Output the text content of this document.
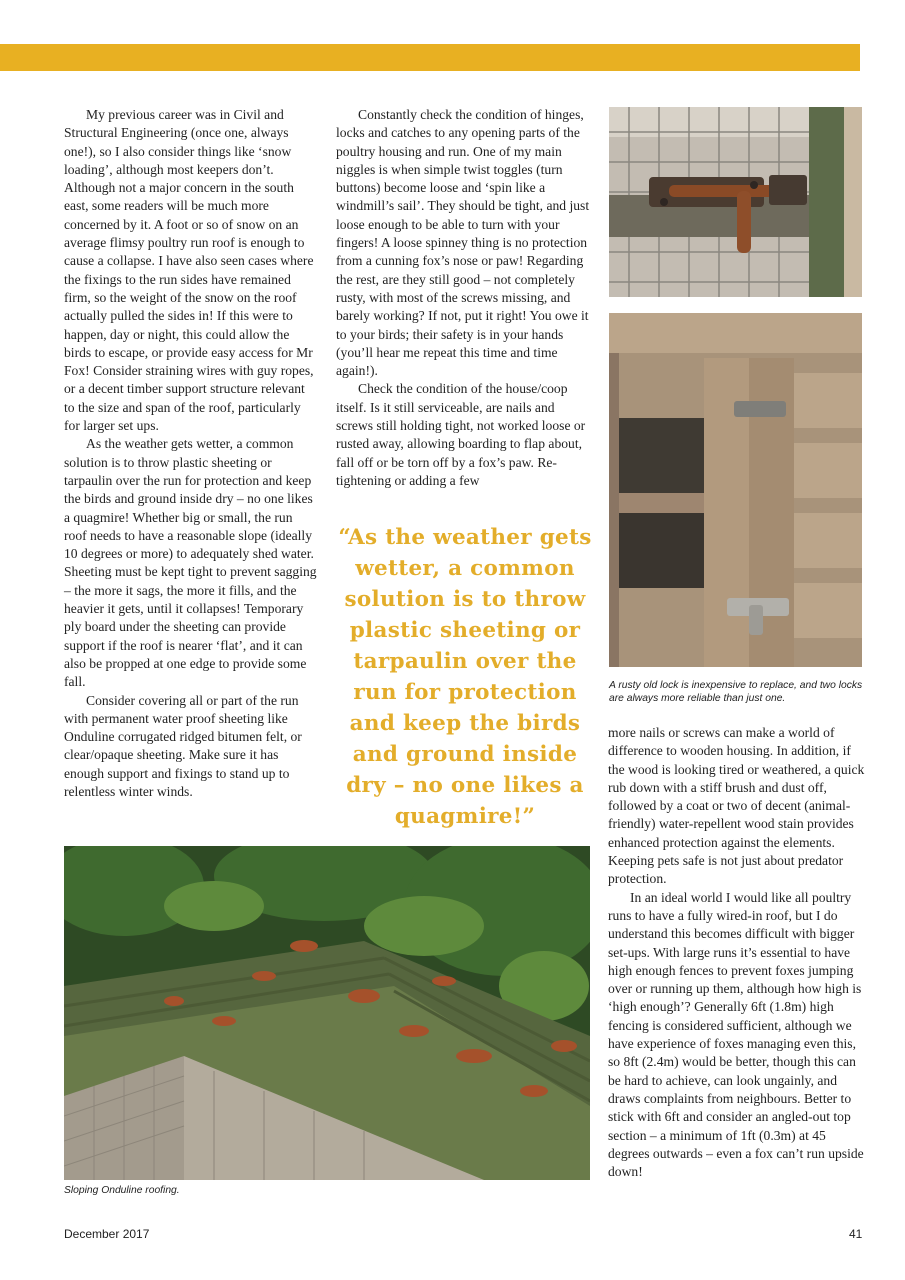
My previous career was in Civil and Structural Engineering (once one, always one!), so I also consider things like ‘snow loading’, although most keepers don’t. Although not a major concern in the south east, some readers will be much more concerned by it. A foot or so of snow on an average flimsy poultry run roof is enough to cause a collapse. I have also seen cases where the fixings to the run sides have remained firm, so the weight of the snow on the roof actually pulled the sides in! If this were to happen, day or night, this could allow the birds to escape, or provide easy access for Mr Fox! Consider straining wires with guy ropes, or a decent timber support structure relevant to the size and span of the roof, particularly for larger set ups.

As the weather gets wetter, a common solution is to throw plastic sheeting or tarpaulin over the run for protection and keep the birds and ground inside dry – no one likes a quagmire! Whether big or small, the run roof needs to have a reasonable slope (ideally 10 degrees or more) to adequately shed water. Sheeting must be kept tight to prevent sagging – the more it sags, the more it fills, and the heavier it gets, until it collapses! Temporary ply board under the sheeting can provide support if the roof is nearer ‘flat’, and it can also be propped at one edge to provide some fall.

Consider covering all or part of the run with permanent water proof sheeting like Onduline corrugated ridged bitumen felt, or clear/opaque sheeting. Make sure it has enough support and fixings to stand up to relentless winter winds.

Constantly check the condition of hinges, locks and catches to any opening parts of the poultry housing and run. One of my main niggles is when simple twist toggles (turn buttons) become loose and ‘spin like a windmill’s sail’. They should be tight, and just loose enough to be able to turn with your fingers! A loose spinney thing is no protection from a cunning fox’s nose or paw! Regarding the rest, are they still good – not completely rusty, with most of the screws missing, and barely working? If not, put it right! You owe it to your birds; their safety is in your hands (you’ll hear me repeat this time and time again!).

Check the condition of the house/coop itself. Is it still serviceable, are nails and screws still holding tight, not worked loose or rusted away, allowing boarding to flap about, fall off or be torn off by a fox’s paw. Re-tightening or adding a few

“As the weather gets wetter, a common solution is to throw plastic sheeting or tarpaulin over the run for protection and keep the birds and ground inside dry – no one likes a quagmire!”
A rusty old lock is inexpensive to replace, and two locks are always more reliable than just one.

more nails or screws can make a world of difference to wooden housing. In addition, if the wood is looking tired or weathered, a quick rub down with a stiff brush and dust off, followed by a coat or two of decent (animal-friendly) water-repellent wood stain provides enhanced protection against the elements. Keeping pets safe is not just about predator protection.

In an ideal world I would like all poultry runs to have a fully wired-in roof, but I do understand this becomes difficult with bigger set-ups. With large runs it’s essential to have high enough fences to prevent foxes jumping over or running up them, although how high is ‘high enough’? Generally 6ft (1.8m) high fencing is considered sufficient, although we have experience of foxes managing even this, so 8ft (2.4m) would be better, though this can be hard to achieve, can look ungainly, and draws complaints from neighbours. Better to stick with 6ft and consider an angled-out top section – a minimum of 1ft (0.3m) at 45 degrees outwards – even a fox can’t run upside down!

Sloping Onduline roofing.
December 2017	41
